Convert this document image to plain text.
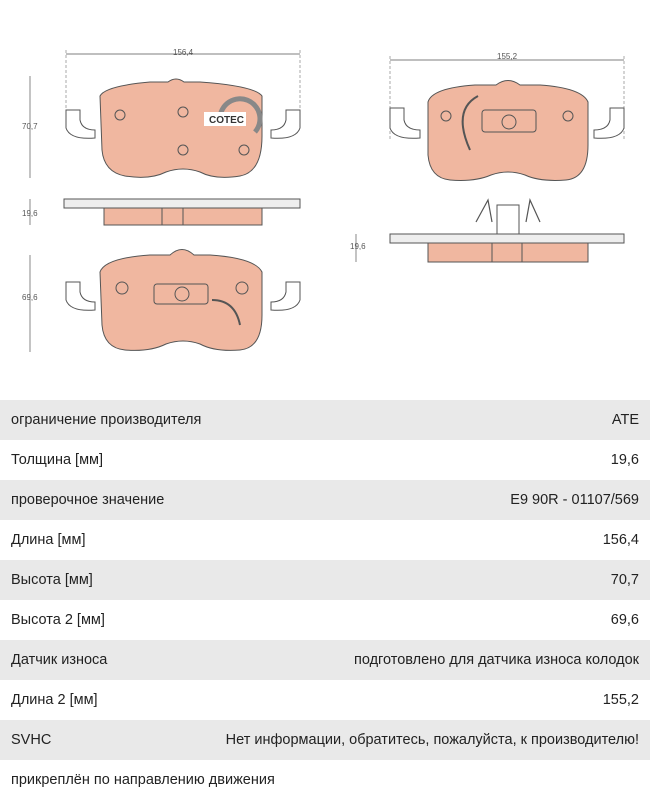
COTEC
156,4
70,7
19,6
69,6
155,2
19,6
ограничение производителя	ATE
Толщина [мм]	19,6
проверочное значение	E9 90R - 01107/569
Длина [мм]	156,4
Высота [мм]	70,7
Высота 2 [мм]	69,6
Датчик износа	подготовлено для датчика износа колодок
Длина 2 [мм]	155,2
SVHC	Нет информации, обратитесь, пожалуйста, к производителю!
прикреплён по направлению движения
